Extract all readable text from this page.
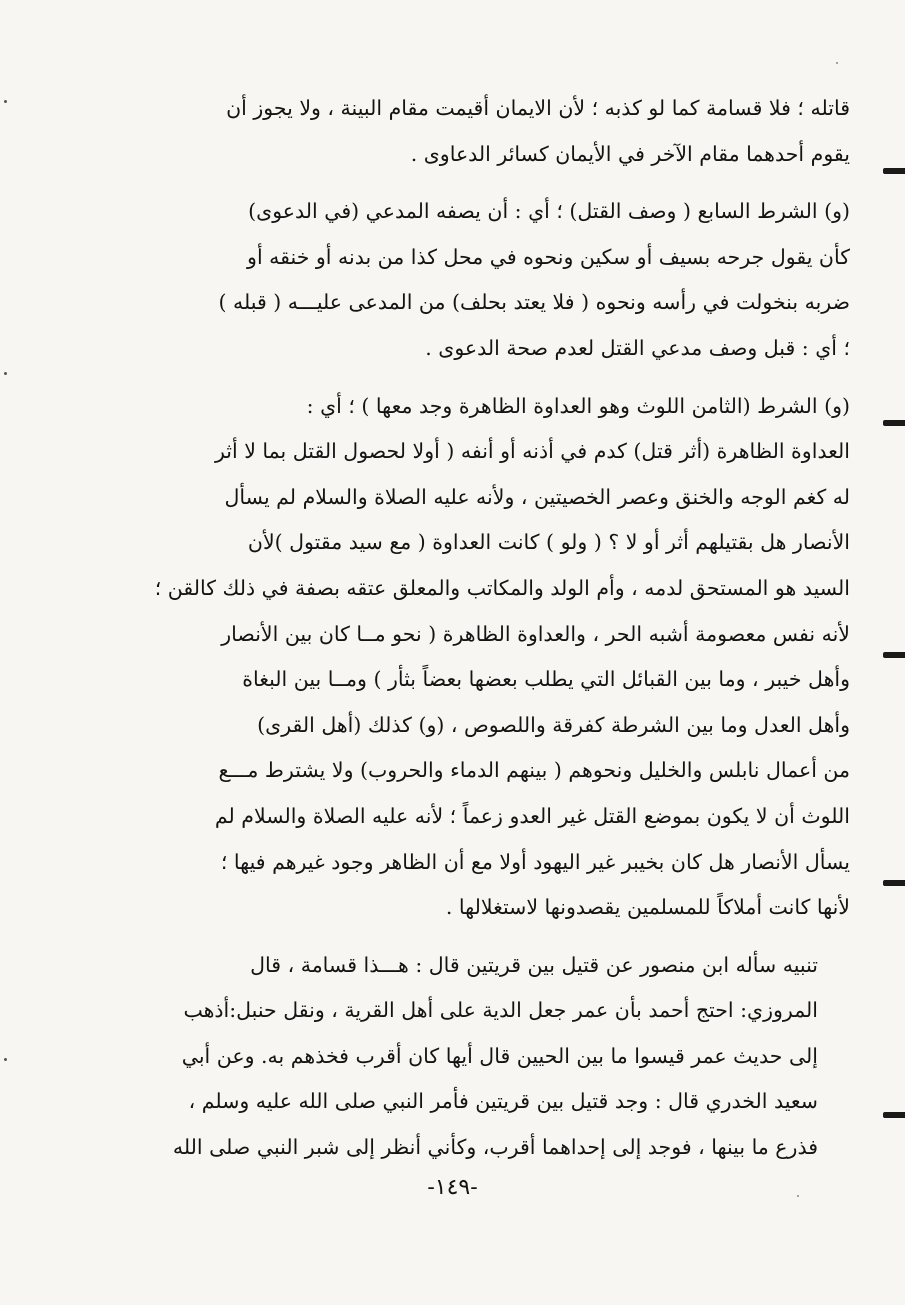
قاتله ؛ فلا قسامة كما لو كذبه ؛ لأن الايمان أقيمت مقام البينة ، ولا يجوز أن
يقوم أحدهما مقام الآخر في الأيمان كسائر الدعاوى .
(و) الشرط السابع ( وصف القتل) ؛ أي : أن يصفه المدعي (في الدعوى)
كأن يقول جرحه بسيف أو سكين ونحوه في محل كذا من بدنه أو خنقه أو
ضربه بنخولت في رأسه ونحوه ( فلا يعتد بحلف) من المدعى عليـــه ( قبله )
؛ أي : قبل وصف مدعي القتل لعدم صحة الدعوى .
(و) الشرط (الثامن اللوث وهو العداوة الظاهرة وجد معها ) ؛ أي :
العداوة الظاهرة (أثر قتل) كدم في أذنه أو أنفه ( أولا لحصول القتل بما لا أثر
له كغم الوجه والخنق وعصر الخصيتين ، ولأنه عليه الصلاة والسلام لم يسأل
الأنصار هل بقتيلهم أثر أو لا ؟ ( ولو ) كانت العداوة ( مع سيد مقتول )لأن
السيد هو المستحق لدمه ، وأم الولد والمكاتب والمعلق عتقه بصفة في ذلك كالقن ؛
لأنه نفس معصومة أشبه الحر ، والعداوة الظاهرة ( نحو مــا كان بين الأنصار
وأهل خيبر ، وما بين القبائل التي يطلب بعضها بعضاً بثأر ) ومــا بين البغاة
وأهل العدل وما بين الشرطة كفرقة واللصوص ، (و) كذلك (أهل القرى)
من أعمال نابلس والخليل ونحوهم ( بينهم الدماء والحروب) ولا يشترط مـــع
اللوث أن لا يكون بموضع القتل غير العدو زعماً ؛ لأنه عليه الصلاة والسلام لم
يسأل الأنصار هل كان بخيبر غير اليهود أولا مع أن الظاهر وجود غيرهم فيها ؛
لأنها كانت أملاكاً للمسلمين يقصدونها لاستغلالها .
تنبيه سأله ابن منصور عن قتيل بين قريتين قال : هـــذا قسامة ، قال
المروزي: احتج أحمد بأن عمر جعل الدية على أهل القرية ، ونقل حنبل:أذهب
إلى حديث عمر قيسوا ما بين الحيين قال أيها كان أقرب فخذهم به. وعن أبي
سعيد الخدري قال : وجد قتيل بين قريتين فأمر النبي صلى الله عليه وسلم ،
فذرع ما بينها ، فوجد إلى إحداهما أقرب، وكأني أنظر إلى شبر النبي صلى الله
-١٤٩-
